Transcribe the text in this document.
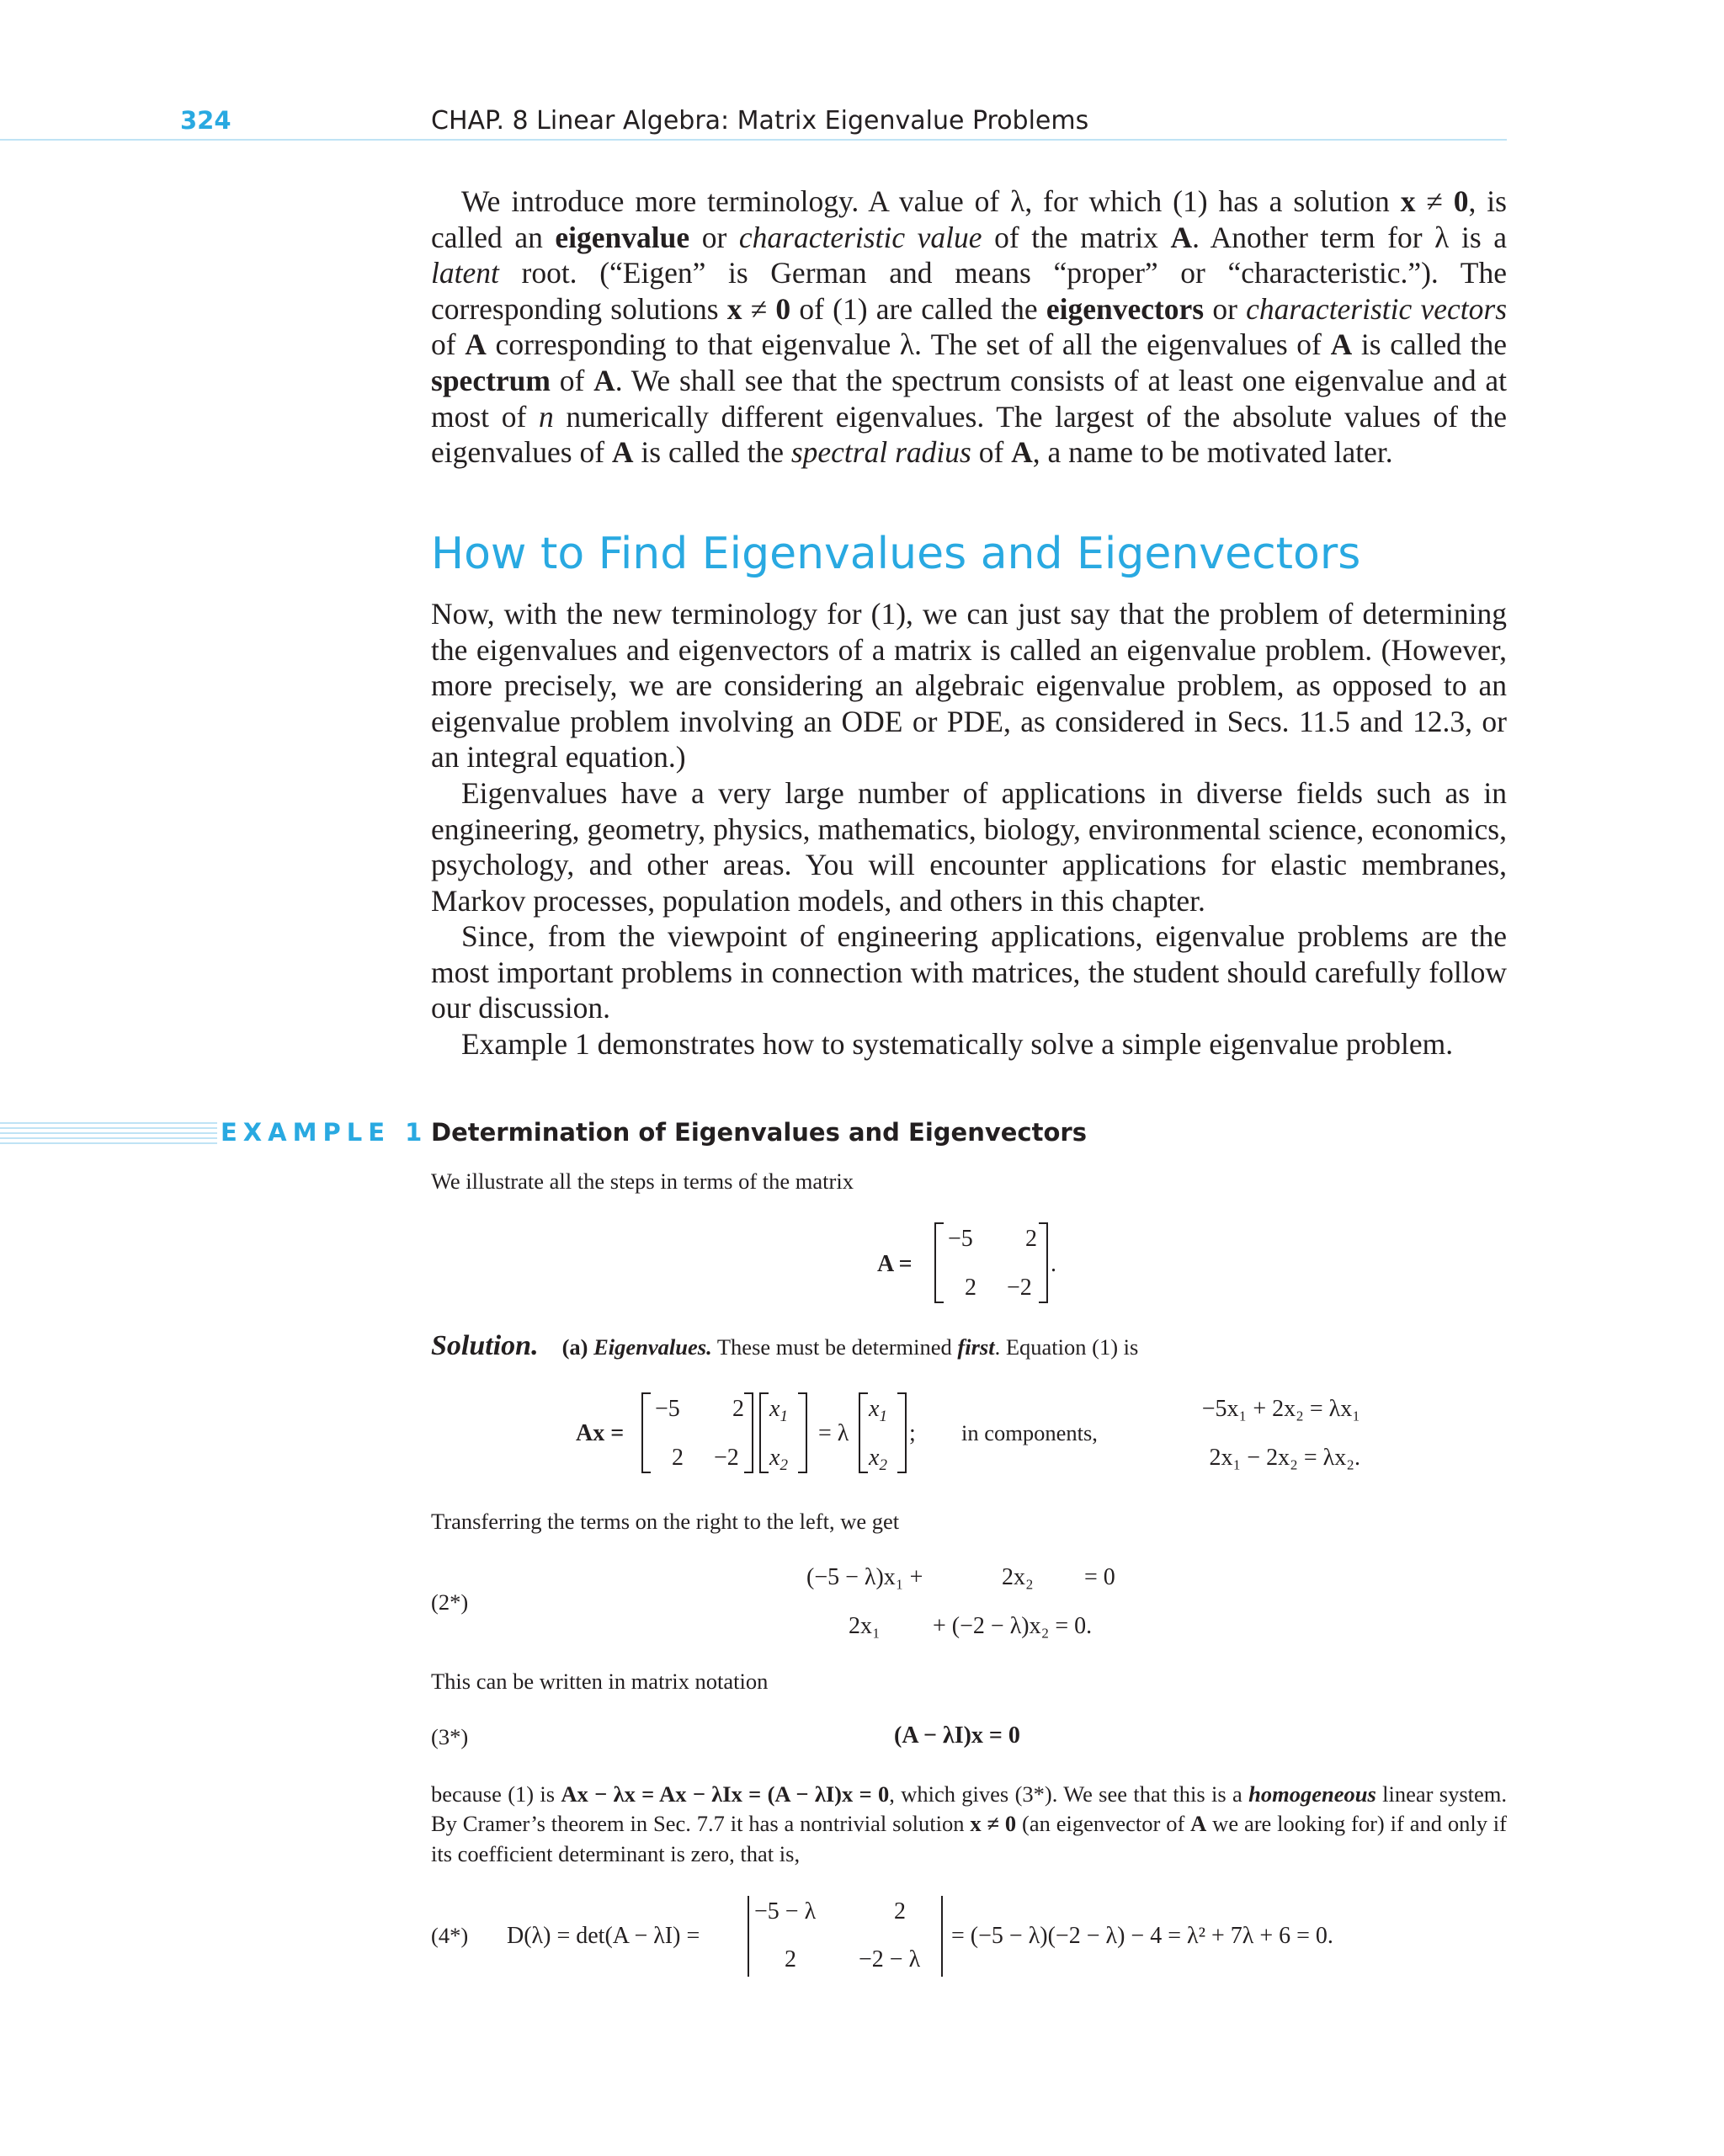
324	CHAP. 8 Linear Algebra: Matrix Eigenvalue Problems

We introduce more terminology. A value of λ, for which (1) has a solution x ≠ 0, is called an eigenvalue or characteristic value of the matrix A. Another term for λ is a latent root. (“Eigen” is German and means “proper” or “characteristic.”). The corresponding solutions x ≠ 0 of (1) are called the eigenvectors or characteristic vectors of A corresponding to that eigenvalue λ. The set of all the eigenvalues of A is called the spectrum of A. We shall see that the spectrum consists of at least one eigenvalue and at most of n numerically different eigenvalues. The largest of the absolute values of the eigenvalues of A is called the spectral radius of A, a name to be motivated later.

How to Find Eigenvalues and Eigenvectors

Now, with the new terminology for (1), we can just say that the problem of determining the eigenvalues and eigenvectors of a matrix is called an eigenvalue problem. (However, more precisely, we are considering an algebraic eigenvalue problem, as opposed to an eigenvalue problem involving an ODE or PDE, as considered in Secs. 11.5 and 12.3, or an integral equation.)

Eigenvalues have a very large number of applications in diverse fields such as in engineering, geometry, physics, mathematics, biology, environmental science, economics, psychology, and other areas. You will encounter applications for elastic membranes, Markov processes, population models, and others in this chapter.

Since, from the viewpoint of engineering applications, eigenvalue problems are the most important problems in connection with matrices, the student should carefully follow our discussion.

Example 1 demonstrates how to systematically solve a simple eigenvalue problem.

EXAMPLE 1 Determination of Eigenvalues and Eigenvectors

We illustrate all the steps in terms of the matrix

A =
−5 2
2 −2
.
Solution. (a) Eigenvalues. These must be determined first. Equation (1) is
Ax =
−5 2
2 −2
$x_1$
$x_2$
= λ
$x_1$
$x_2$
; in components,
−5x₁ + 2x₂ = λx₁
2x₁ − 2x₂ = λx₂.

Transferring the terms on the right to the left, we get

(2*)
(−5 − λ)x₁ +	2x₂ = 0
2x₁ + (−2 − λ)x₂ = 0.

This can be written in matrix notation

(3*)	(A − λI)x = 0

because (1) is Ax − λx = Ax − λIx = (A − λI)x = 0, which gives (3*). We see that this is a homogeneous linear system. By Cramer’s theorem in Sec. 7.7 it has a nontrivial solution x ≠ 0 (an eigenvector of A we are looking for) if and only if its coefficient determinant is zero, that is,

(4*) D(λ) = det(A − λI) =
−5 − λ	2
2	−2 − λ
= (−5 − λ)(−2 − λ) − 4 = λ² + 7λ + 6 = 0.
